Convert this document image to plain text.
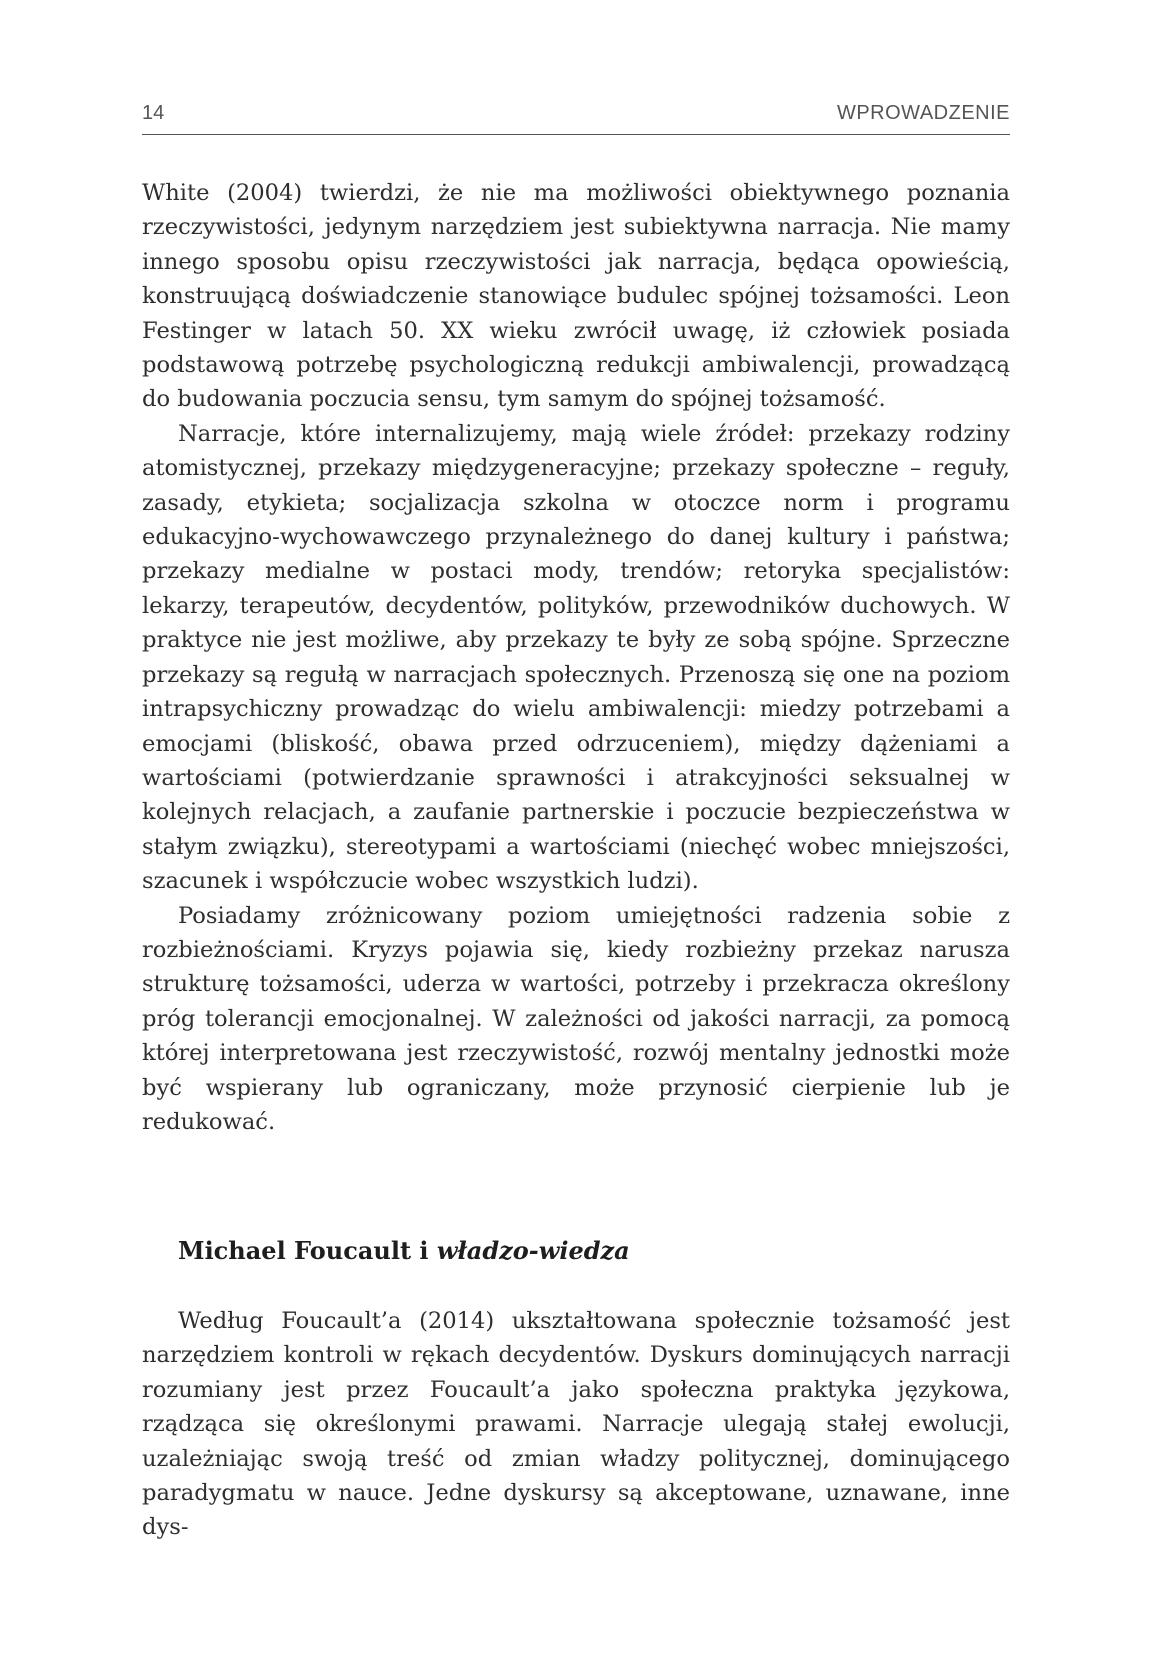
14	WPROWADZENIE

White (2004) twierdzi, że nie ma możliwości obiektywnego poznania rzeczywistości, jedynym narzędziem jest subiektywna narracja. Nie mamy innego sposobu opisu rzeczywistości jak narracja, będąca opowieścią, konstruującą doświadczenie stanowiące budulec spójnej tożsamości. Leon Festinger w latach 50. XX wieku zwrócił uwagę, iż człowiek posiada podstawową potrzebę psychologiczną redukcji ambiwalencji, prowadzącą do budowania poczucia sensu, tym samym do spójnej tożsamość.

Narracje, które internalizujemy, mają wiele źródeł: przekazy rodziny atomistycznej, przekazy międzygeneracyjne; przekazy społeczne – reguły, zasady, etykieta; socjalizacja szkolna w otoczce norm i programu edukacyjno-wychowawczego przynależnego do danej kultury i państwa; przekazy medialne w postaci mody, trendów; retoryka specjalistów: lekarzy, terapeutów, decydentów, polityków, przewodników duchowych. W praktyce nie jest możliwe, aby przekazy te były ze sobą spójne. Sprzeczne przekazy są regułą w narracjach społecznych. Przenoszą się one na poziom intrapsychiczny prowadząc do wielu ambiwalencji: miedzy potrzebami a emocjami (bliskość, obawa przed odrzuceniem), między dążeniami a wartościami (potwierdzanie sprawności i atrakcyjności seksualnej w kolejnych relacjach, a zaufanie partnerskie i poczucie bezpieczeństwa w stałym związku), stereotypami a wartościami (niechęć wobec mniejszości, szacunek i współczucie wobec wszystkich ludzi).

Posiadamy zróżnicowany poziom umiejętności radzenia sobie z rozbieżnościami. Kryzys pojawia się, kiedy rozbieżny przekaz narusza strukturę tożsamości, uderza w wartości, potrzeby i przekracza określony próg tolerancji emocjonalnej. W zależności od jakości narracji, za pomocą której interpretowana jest rzeczywistość, rozwój mentalny jednostki może być wspierany lub ograniczany, może przynosić cierpienie lub je redukować.

Michael Foucault i władzo-wiedza

Według Foucault’a (2014) ukształtowana społecznie tożsamość jest narzędziem kontroli w rękach decydentów. Dyskurs dominujących narracji rozumiany jest przez Foucault’a jako społeczna praktyka językowa, rządząca się określonymi prawami. Narracje ulegają stałej ewolucji, uzależniając swoją treść od zmian władzy politycznej, dominującego paradygmatu w nauce. Jedne dyskursy są akceptowane, uznawane, inne dys-
